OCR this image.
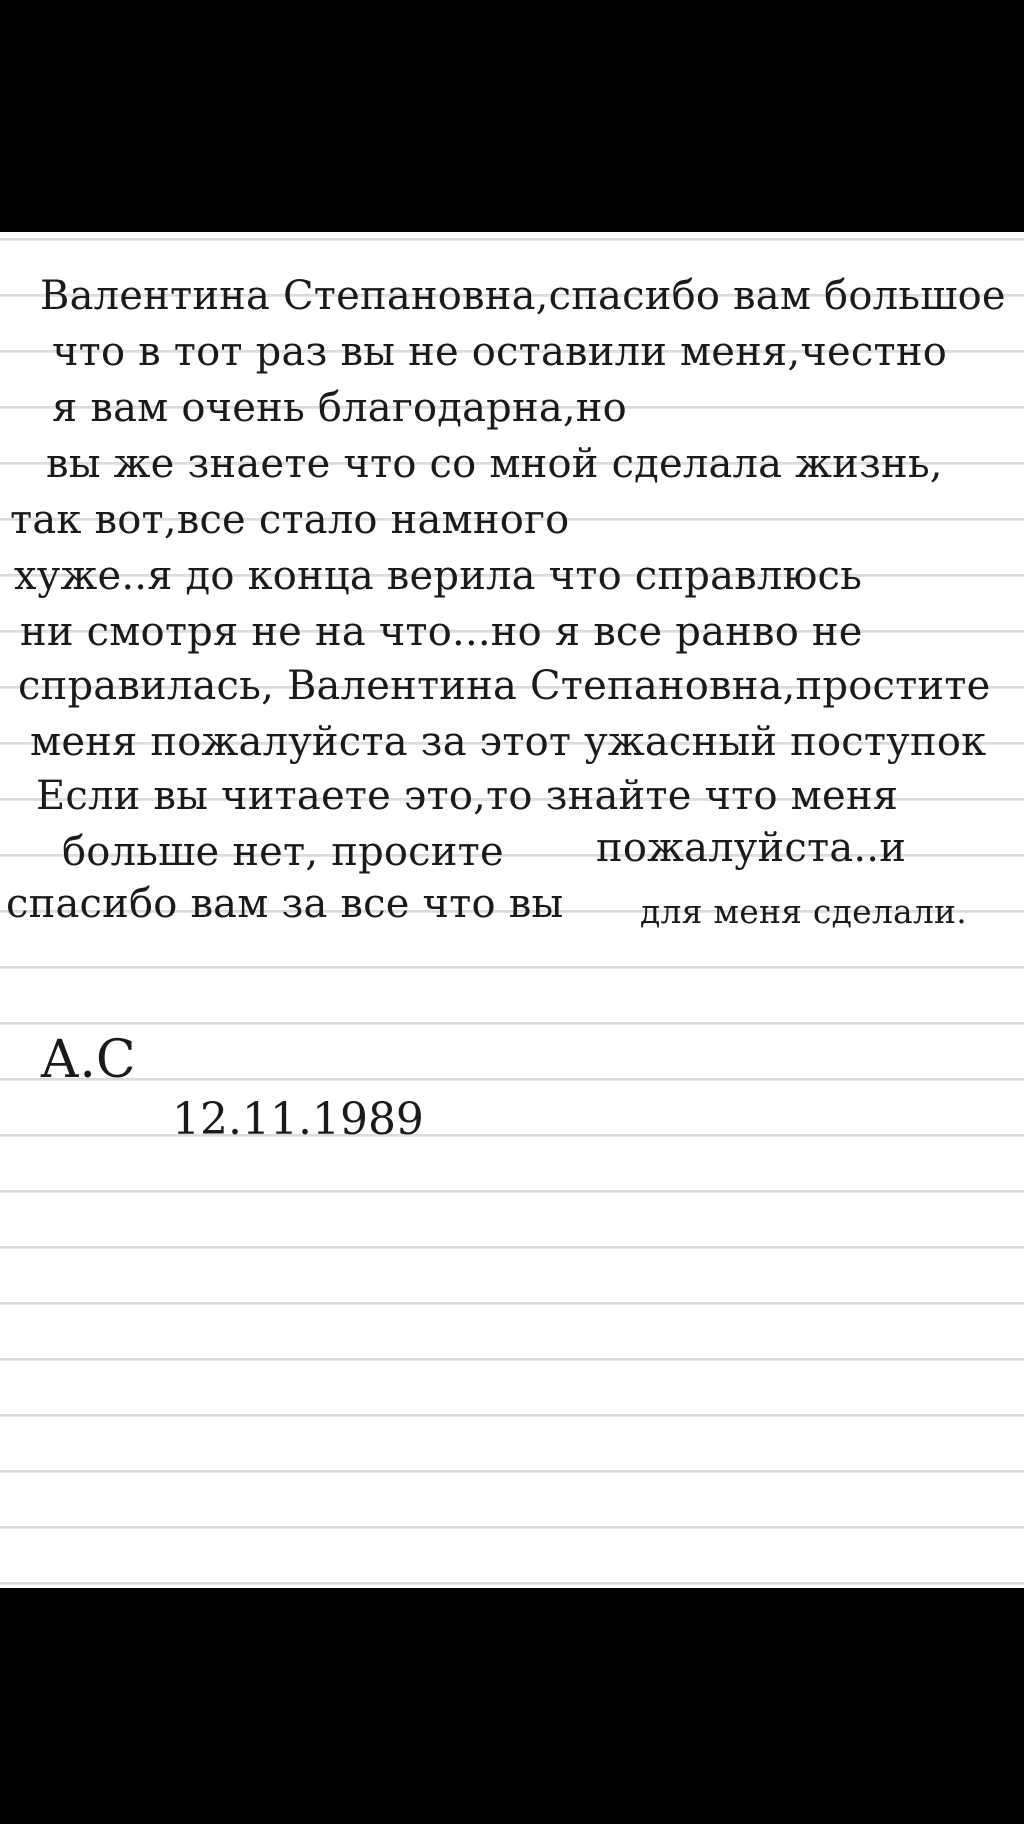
Валентина Степановна,спасибо вам большое

что в тот раз вы не оставили меня,честно

я вам очень благодарна,но

вы же знаете что со мной сделала жизнь,

так вот,все стало намного

хуже..я до конца верила что справлюсь

ни смотря не на что...но я все ранво не

справилась, Валентина Степановна,простите

меня пожалуйста за этот ужасный поступок

Если вы читаете это,то знайте что меня

больше нет, просите пожалуйста..и

спасибо вам за все что вы для меня сделали.

А.С
12.11.1989
